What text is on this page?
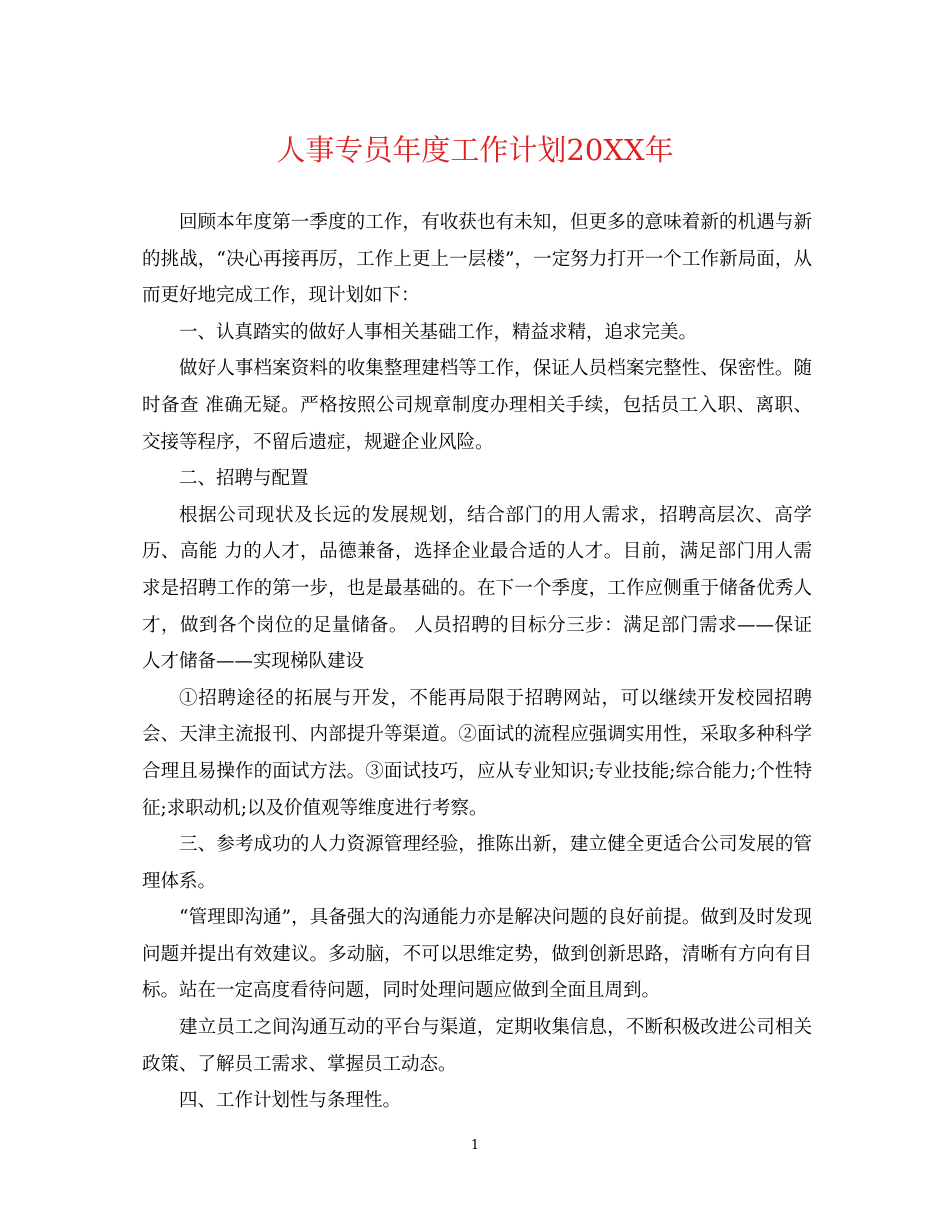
人事专员年度工作计划20XX年

回顾本年度第一季度的工作，有收获也有未知，但更多的意味着新的机遇与新的挑战，“决心再接再厉，工作上更上一层楼”，一定努力打开一个工作新局面，从而更好地完成工作，现计划如下：

一、认真踏实的做好人事相关基础工作，精益求精，追求完美。

做好人事档案资料的收集整理建档等工作，保证人员档案完整性、保密性。随时备查 准确无疑。严格按照公司规章制度办理相关手续，包括员工入职、离职、交接等程序，不留后遗症，规避企业风险。

二、招聘与配置

根据公司现状及长远的发展规划，结合部门的用人需求，招聘高层次、高学历、高能 力的人才，品德兼备，选择企业最合适的人才。目前，满足部门用人需求是招聘工作的第一步，也是最基础的。在下一个季度，工作应侧重于储备优秀人才，做到各个岗位的足量储备。 人员招聘的目标分三步：满足部门需求——保证人才储备——实现梯队建设

①招聘途径的拓展与开发，不能再局限于招聘网站，可以继续开发校园招聘会、天津主流报刊、内部提升等渠道。②面试的流程应强调实用性，采取多种科学合理且易操作的面试方法。③面试技巧，应从专业知识;专业技能;综合能力;个性特征;求职动机;以及价值观等维度进行考察。

三、参考成功的人力资源管理经验，推陈出新，建立健全更适合公司发展的管理体系。

“管理即沟通”，具备强大的沟通能力亦是解决问题的良好前提。做到及时发现问题并提出有效建议。多动脑，不可以思维定势，做到创新思路，清晰有方向有目标。站在一定高度看待问题，同时处理问题应做到全面且周到。

建立员工之间沟通互动的平台与渠道，定期收集信息，不断积极改进公司相关政策、了解员工需求、掌握员工动态。

四、工作计划性与条理性。

1
